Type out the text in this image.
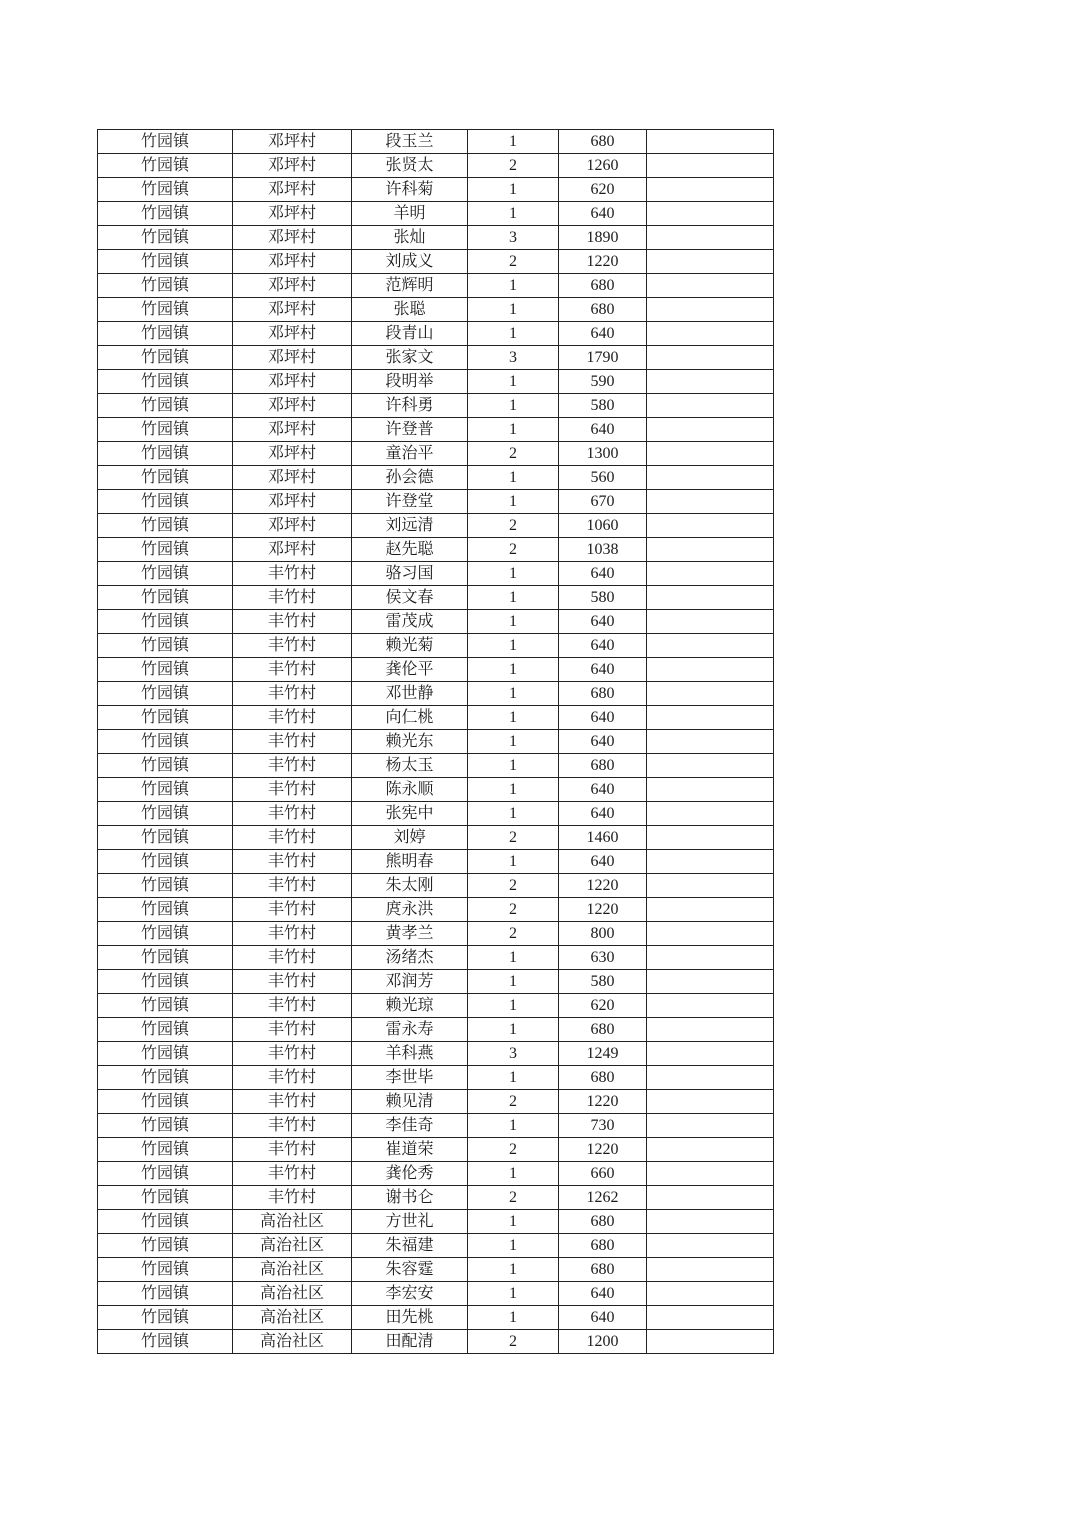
竹园镇	邓坪村	段玉兰	1	680	
竹园镇	邓坪村	张贤太	2	1260	
竹园镇	邓坪村	许科菊	1	620	
竹园镇	邓坪村	羊明	1	640	
竹园镇	邓坪村	张灿	3	1890	
竹园镇	邓坪村	刘成义	2	1220	
竹园镇	邓坪村	范辉明	1	680	
竹园镇	邓坪村	张聪	1	680	
竹园镇	邓坪村	段青山	1	640	
竹园镇	邓坪村	张家文	3	1790	
竹园镇	邓坪村	段明举	1	590	
竹园镇	邓坪村	许科勇	1	580	
竹园镇	邓坪村	许登普	1	640	
竹园镇	邓坪村	童治平	2	1300	
竹园镇	邓坪村	孙会德	1	560	
竹园镇	邓坪村	许登堂	1	670	
竹园镇	邓坪村	刘远清	2	1060	
竹园镇	邓坪村	赵先聪	2	1038	
竹园镇	丰竹村	骆习国	1	640	
竹园镇	丰竹村	侯文春	1	580	
竹园镇	丰竹村	雷茂成	1	640	
竹园镇	丰竹村	赖光菊	1	640	
竹园镇	丰竹村	龚伦平	1	640	
竹园镇	丰竹村	邓世静	1	680	
竹园镇	丰竹村	向仁桃	1	640	
竹园镇	丰竹村	赖光东	1	640	
竹园镇	丰竹村	杨太玉	1	680	
竹园镇	丰竹村	陈永顺	1	640	
竹园镇	丰竹村	张宪中	1	640	
竹园镇	丰竹村	刘婷	2	1460	
竹园镇	丰竹村	熊明春	1	640	
竹园镇	丰竹村	朱太刚	2	1220	
竹园镇	丰竹村	庹永洪	2	1220	
竹园镇	丰竹村	黄孝兰	2	800	
竹园镇	丰竹村	汤绪杰	1	630	
竹园镇	丰竹村	邓润芳	1	580	
竹园镇	丰竹村	赖光琼	1	620	
竹园镇	丰竹村	雷永寿	1	680	
竹园镇	丰竹村	羊科燕	3	1249	
竹园镇	丰竹村	李世毕	1	680	
竹园镇	丰竹村	赖见清	2	1220	
竹园镇	丰竹村	李佳奇	1	730	
竹园镇	丰竹村	崔道荣	2	1220	
竹园镇	丰竹村	龚伦秀	1	660	
竹园镇	丰竹村	谢书仑	2	1262	
竹园镇	高治社区	方世礼	1	680	
竹园镇	高治社区	朱福建	1	680	
竹园镇	高治社区	朱容霆	1	680	
竹园镇	高治社区	李宏安	1	640	
竹园镇	高治社区	田先桃	1	640	
竹园镇	高治社区	田配清	2	1200	
